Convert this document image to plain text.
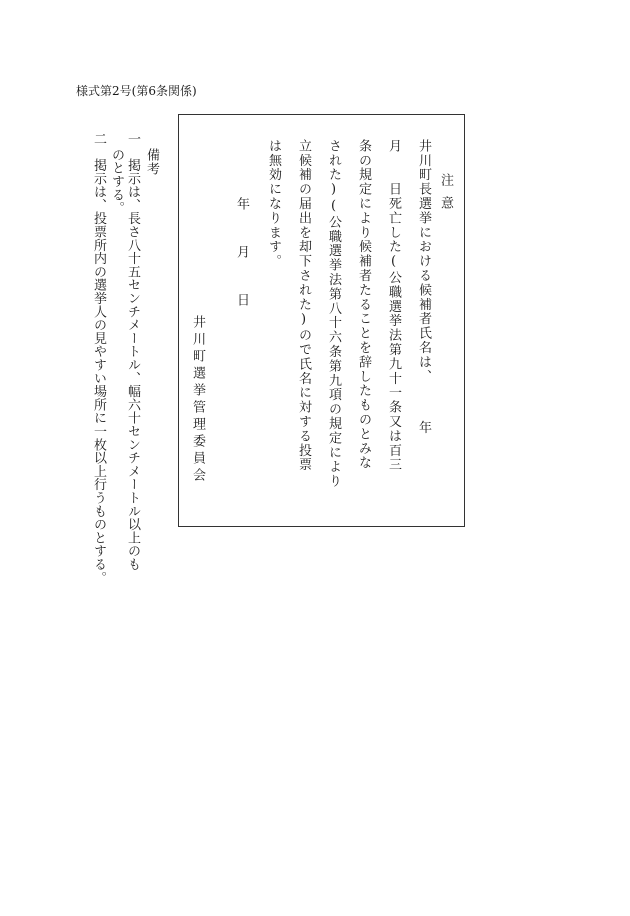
様式第2号(第6条関係)
注意
井川町長選挙における候補者氏名は、　　　年
月　　日死亡した(公職選挙法第九十一条又は百三
条の規定により候補者たることを辞したものとみな
された)(公職選挙法第八十六条第九項の規定により
立候補の届出を却下された)ので氏名に対する投票
は無効になります。
年　　月　　日
井川町選挙管理委員会
備考
一　掲示は、長さ八十五センチメートル、幅六十センチメートル以上のも
のとする。
二　掲示は、投票所内の選挙人の見やすい場所に一枚以上行うものとする。
